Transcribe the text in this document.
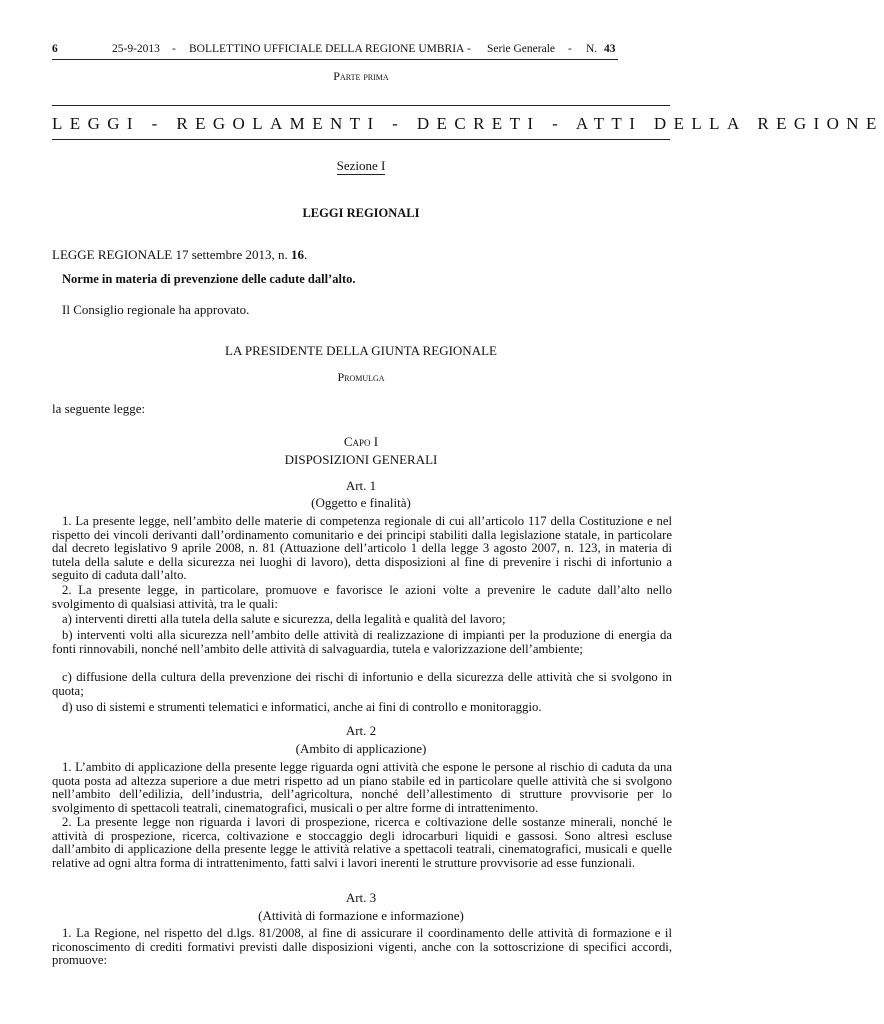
6	25-9-2013 - BOLLETTINO UFFICIALE DELLA REGIONE UMBRIA - Serie Generale - N. 43
Parte prima
LEGGI - REGOLAMENTI - DECRETI - ATTI DELLA REGIONE
Sezione I
LEGGI REGIONALI
LEGGE REGIONALE 17 settembre 2013, n. 16.
Norme in materia di prevenzione delle cadute dall’alto.
Il Consiglio regionale ha approvato.
LA PRESIDENTE DELLA GIUNTA REGIONALE
Promulga
la seguente legge:
Capo I
DISPOSIZIONI GENERALI
Art. 1
(Oggetto e finalità)

1. La presente legge, nell’ambito delle materie di competenza regionale di cui all’articolo 117 della Costituzione e nel rispetto dei vincoli derivanti dall’ordinamento comunitario e dei principi stabiliti dalla legislazione statale, in particolare dal decreto legislativo 9 aprile 2008, n. 81 (Attuazione dell’articolo 1 della legge 3 agosto 2007, n. 123, in materia di tutela della salute e della sicurezza nei luoghi di lavoro), detta disposizioni al fine di prevenire i rischi di infortunio a seguito di caduta dall’alto.

2. La presente legge, in particolare, promuove e favorisce le azioni volte a prevenire le cadute dall’alto nello svolgimento di qualsiasi attività, tra le quali:

a) interventi diretti alla tutela della salute e sicurezza, della legalità e qualità del lavoro;

b) interventi volti alla sicurezza nell’ambito delle attività di realizzazione di impianti per la produzione di energia da fonti rinnovabili, nonché nell’ambito delle attività di salvaguardia, tutela e valorizzazione dell’ambiente;

c) diffusione della cultura della prevenzione dei rischi di infortunio e della sicurezza delle attività che si svolgono in quota;

d) uso di sistemi e strumenti telematici e informatici, anche ai fini di controllo e monitoraggio.

Art. 2
(Ambito di applicazione)

1. L’ambito di applicazione della presente legge riguarda ogni attività che espone le persone al rischio di caduta da una quota posta ad altezza superiore a due metri rispetto ad un piano stabile ed in particolare quelle attività che si svolgono nell’ambito dell’edilizia, dell’industria, dell’agricoltura, nonché dell’allestimento di strutture provvisorie per lo svolgimento di spettacoli teatrali, cinematografici, musicali o per altre forme di intrattenimento.

2. La presente legge non riguarda i lavori di prospezione, ricerca e coltivazione delle sostanze minerali, nonché le attività di prospezione, ricerca, coltivazione e stoccaggio degli idrocarburi liquidi e gassosi. Sono altresì escluse dall’ambito di applicazione della presente legge le attività relative a spettacoli teatrali, cinematografici, musicali e quelle relative ad ogni altra forma di intrattenimento, fatti salvi i lavori inerenti le strutture provvisorie ad esse funzionali.

Art. 3
(Attività di formazione e informazione)

1. La Regione, nel rispetto del d.lgs. 81/2008, al fine di assicurare il coordinamento delle attività di formazione e il riconoscimento di crediti formativi previsti dalle disposizioni vigenti, anche con la sottoscrizione di specifici accordi, promuove:
